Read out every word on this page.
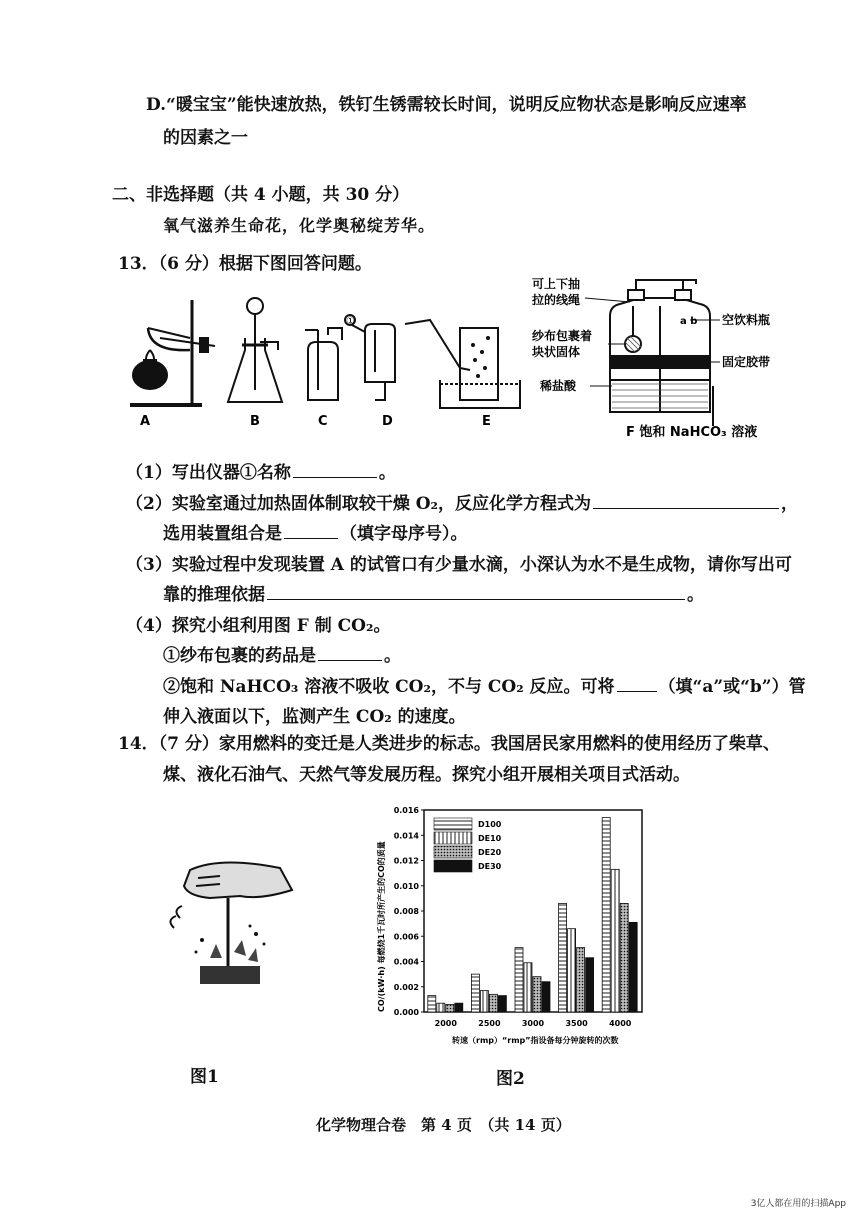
D.“暖宝宝”能快速放热，铁钉生锈需较长时间，说明反应物状态是影响反应速率
的因素之一
二、非选择题（共 4 小题，共 30 分）
氧气滋养生命花，化学奥秘绽芳华。
13．（6 分）根据下图回答问题。
A	B	C	D	E
①	a b
可上下抽
拉的线绳
纱布包裹着
块状固体
稀盐酸
空饮料瓶
固定胶带
F 饱和 NaHCO₃ 溶液
（1）写出仪器①名称	。
（2）实验室通过加热固体制取较干燥 O₂，反应化学方程式为	，
选用装置组合是	（填字母序号）。
（3）实验过程中发现装置 A 的试管口有少量水滴，小深认为水不是生成物，请你写出可
靠的推理依据	。
（4）探究小组利用图 F 制 CO₂。
①纱布包裹的药品是	。
②饱和 NaHCO₃ 溶液不吸收 CO₂，不与 CO₂ 反应。可将	（填“a”或“b”）管
伸入液面以下，监测产生 CO₂ 的速度。
14．（7 分）家用燃料的变迁是人类进步的标志。我国居民家用燃料的使用经历了柴草、
煤、液化石油气、天然气等发展历程。探究小组开展相关项目式活动。
图1
0.000
0.002
0.004
0.006
0.008
0.010
0.012
0.014
0.016
2000	2500	3000	3500	4000
D100
DE10
DE20
DE30
CO/(kW·h) 每燃烧1千瓦时所产生的CO的质量
转速（rmp）“rmp”指设备每分钟旋转的次数
图2
化学物理合卷　第 4 页　（共 14 页）
3亿人都在用的扫描App
